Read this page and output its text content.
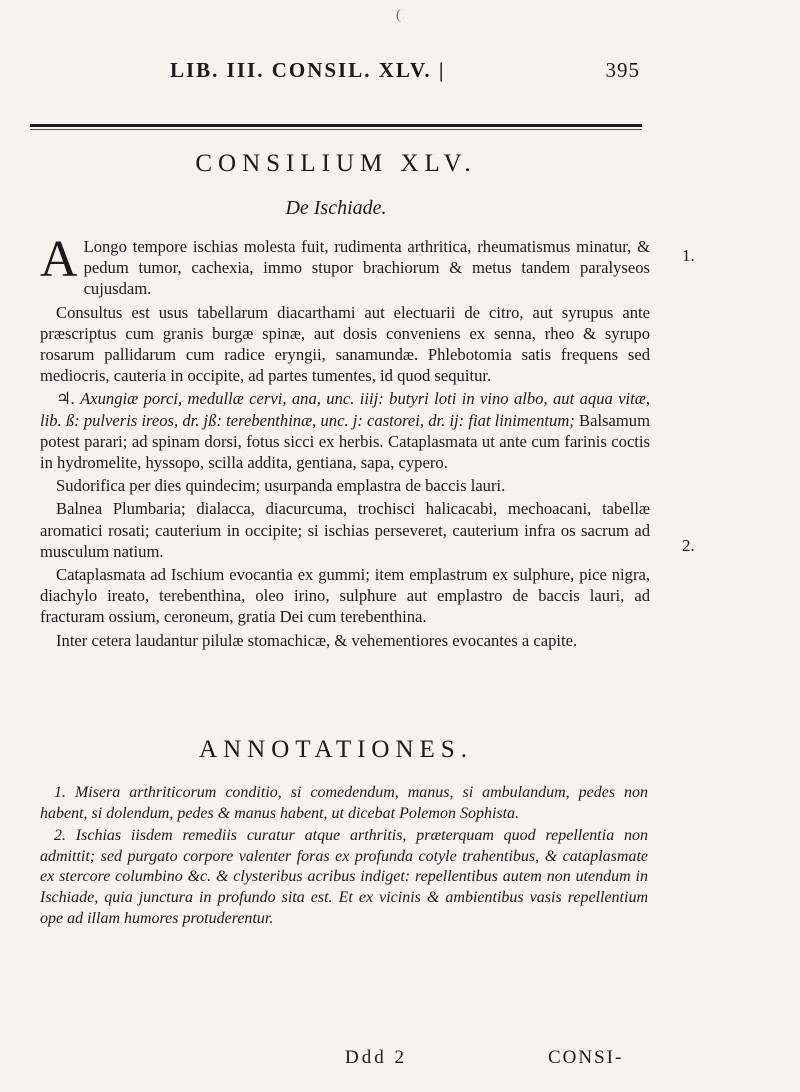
(
LIB. III. CONSIL. XLV. |	395
CONSILIUM XLV.
De Ischiade.

A Longo tempore ischias molesta fuit, rudimenta arthritica, rheumatismus minatur, & pedum tumor, cachexia, immo stupor brachiorum & metus tandem paralyseos cujusdam.

Consultus est usus tabellarum diacarthami aut electuarii de citro, aut syrupus ante præscriptus cum granis burgæ spinæ, aut dosis conveniens ex senna, rheo & syrupo rosarum pallidarum cum radice eryngii, sanamundæ. Phlebotomia satis frequens sed mediocris, cauteria in occipite, ad partes tumentes, id quod sequitur.

♃. Axungiæ porci, medullæ cervi, ana, unc. iiij: butyri loti in vino albo, aut aqua vitæ, lib. ß: pulveris ireos, dr. jß: terebenthinæ, unc. j: castorei, dr. ij: fiat linimentum; Balsamum potest parari; ad spinam dorsi, fotus sicci ex herbis. Cataplasmata ut ante cum farinis coctis in hydromelite, hyssopo, scilla addita, gentiana, sapa, cypero.

Sudorifica per dies quindecim; usurpanda emplastra de baccis lauri.

Balnea Plumbaria; dialacca, diacurcuma, trochisci halicacabi, mechoacani, tabellæ aromatici rosati; cauterium in occipite; si ischias perseveret, cauterium infra os sacrum ad musculum natium.

Cataplasmata ad Ischium evocantia ex gummi; item emplastrum ex sulphure, pice nigra, diachylo ireato, terebenthina, oleo irino, sulphure aut emplastro de baccis lauri, ad fracturam ossium, ceroneum, gratia Dei cum terebenthina.

Inter cetera laudantur pilulæ stomachicæ, & vehementiores evocantes a capite.

1.
2.
ANNOTATIONES.

1. Misera arthriticorum conditio, si comedendum, manus, si ambulandum, pedes non habent, si dolendum, pedes & manus habent, ut dicebat Polemon Sophista.

2. Ischias iisdem remediis curatur atque arthritis, præterquam quod repellentia non admittit; sed purgato corpore valenter foras ex profunda cotyle trahentibus, & cataplasmate ex stercore columbino &c. & clysteribus acribus indiget: repellentibus autem non utendum in Ischiade, quia junctura in profundo sita est. Et ex vicinis & ambientibus vasis repellentium ope ad illam humores protuderentur.

Ddd 2	CONSI-
